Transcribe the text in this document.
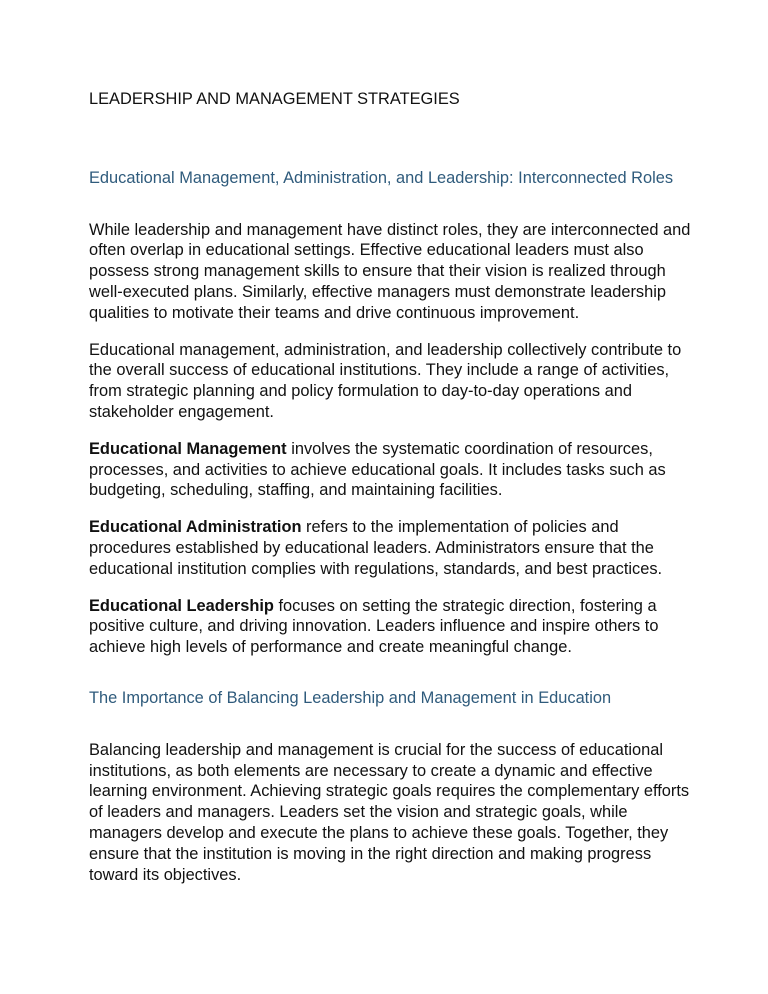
LEADERSHIP AND MANAGEMENT STRATEGIES
Educational Management, Administration, and Leadership: Interconnected Roles
While leadership and management have distinct roles, they are interconnected and
often overlap in educational settings. Effective educational leaders must also
possess strong management skills to ensure that their vision is realized through
well-executed plans. Similarly, effective managers must demonstrate leadership
qualities to motivate their teams and drive continuous improvement.
Educational management, administration, and leadership collectively contribute to
the overall success of educational institutions. They include a range of activities,
from strategic planning and policy formulation to day-to-day operations and
stakeholder engagement.
Educational Management involves the systematic coordination of resources,
processes, and activities to achieve educational goals. It includes tasks such as
budgeting, scheduling, staffing, and maintaining facilities.
Educational Administration refers to the implementation of policies and
procedures established by educational leaders. Administrators ensure that the
educational institution complies with regulations, standards, and best practices.
Educational Leadership focuses on setting the strategic direction, fostering a
positive culture, and driving innovation. Leaders influence and inspire others to
achieve high levels of performance and create meaningful change.
The Importance of Balancing Leadership and Management in Education
Balancing leadership and management is crucial for the success of educational
institutions, as both elements are necessary to create a dynamic and effective
learning environment. Achieving strategic goals requires the complementary efforts
of leaders and managers. Leaders set the vision and strategic goals, while
managers develop and execute the plans to achieve these goals. Together, they
ensure that the institution is moving in the right direction and making progress
toward its objectives.
